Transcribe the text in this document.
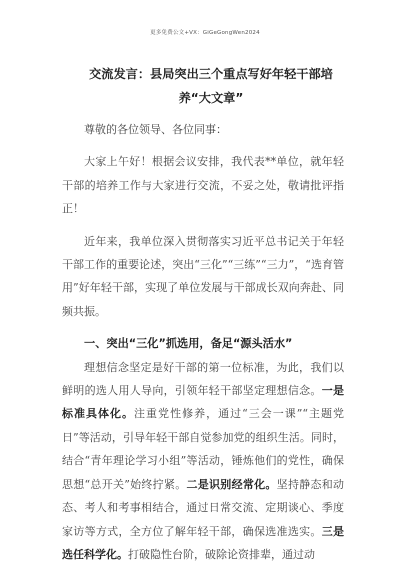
更多免费公文+VX：GiGeGongWen2024
交流发言：县局突出三个重点写好年轻干部培养“大文章”

尊敬的各位领导、各位同事：

大家上午好！根据会议安排，我代表**单位，就年轻干部的培养工作与大家进行交流，不妥之处，敬请批评指正！

近年来，我单位深入贯彻落实习近平总书记关于年轻干部工作的重要论述，突出“三化”“三练”“三力”，“选育管用”好年轻干部，实现了单位发展与干部成长双向奔赴、同频共振。

一、突出“三化”抓选用，备足“源头活水”

理想信念坚定是好干部的第一位标准，为此，我们以鲜明的选人用人导向，引领年轻干部坚定理想信念。一是标准具体化。注重党性修养，通过“三会一课”“主题党日”等活动，引导年轻干部自觉参加党的组织生活。同时，结合“青年理论学习小组”等活动，锤炼他们的党性，确保思想“总开关”始终拧紧。二是识别经常化。坚持静态和动态、考人和考事相结合，通过日常交流、定期谈心、季度家访等方式，全方位了解年轻干部，确保选准选实。三是选任科学化。打破隐性台阶，破除论资排辈，通过动
